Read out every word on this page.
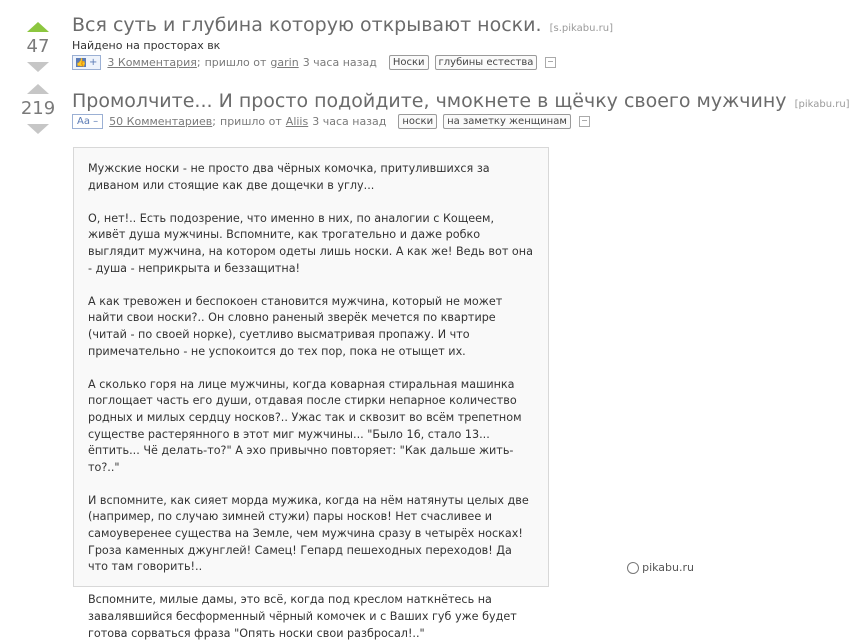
47
Вся суть и глубина которую открывают носки. [s.pikabu.ru]
Найдено на просторах вк
👍 + 3 Комментария ; пришло от garin 3 часа назад	Носки	глубины естества
219 Промолчите... И просто подойдите, чмокнете в щёчку своего мужчину [pikabu.ru]
Аа –	50 Комментариев ; пришло от Aliis 3 часа назад	носки	на заметку женщинам

Мужские носки - не просто два чёрных комочка, притулившихся за диваном или стоящие как две дощечки в углу...

О, нет!.. Есть подозрение, что именно в них, по аналогии с Кощеем, живёт душа мужчины. Вспомните, как трогательно и даже робко выглядит мужчина, на котором одеты лишь носки. А как же! Ведь вот она - душа - неприкрыта и беззащитна!

А как тревожен и беспокоен становится мужчина, который не может найти свои носки?.. Он словно раненый зверёк мечется по квартире (читай - по своей норке), суетливо высматривая пропажу. И что примечательно - не успокоится до тех пор, пока не отыщет их.

А сколько горя на лице мужчины, когда коварная стиральная машинка поглощает часть его души, отдавая после стирки непарное количество родных и милых сердцу носков?.. Ужас так и сквозит во всём трепетном существе растерянного в этот миг мужчины... "Было 16, стало 13... ёптить... Чё делать-то?" А эхо привычно повторяет: "Как дальше жить-то?.."

И вспомните, как сияет морда мужика, когда на нём натянуты целых две (например, по случаю зимней стужи) пары носков! Нет счасливее и самоуверенее существа на Земле, чем мужчина сразу в четырёх носках! Гроза каменных джунглей! Самец! Гепард пешеходных переходов! Да что там говорить!..

Вспомните, милые дамы, это всё, когда под креслом наткнётесь на завалявшийся бесформенный чёрный комочек и с Ваших губ уже будет готова сорваться фраза "Опять носки свои разбросал!.."

pikabu.ru
